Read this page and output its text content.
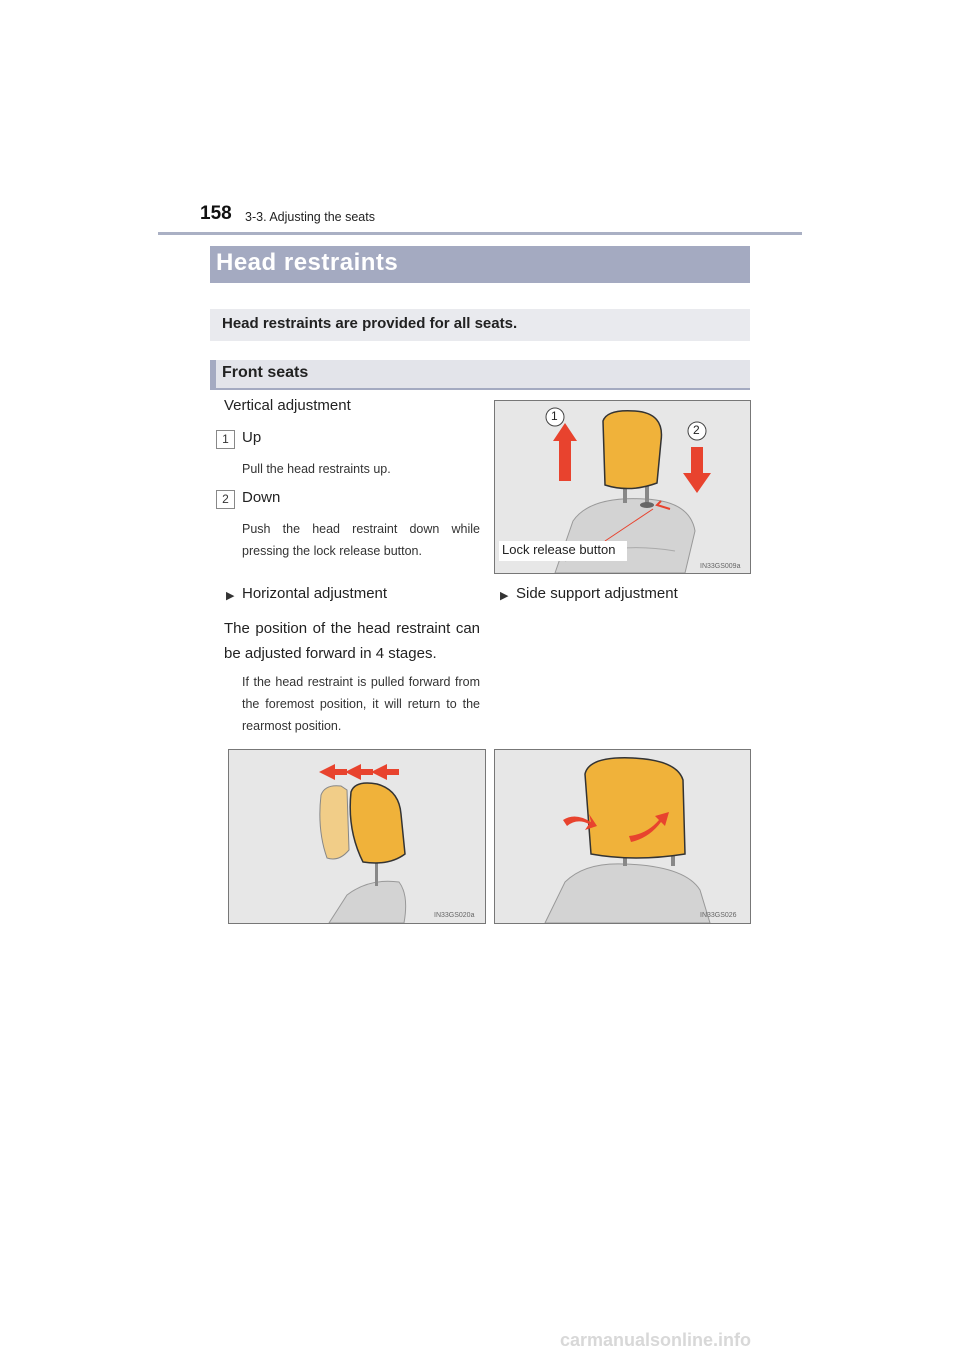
158 3-3. Adjusting the seats
Head restraints
Head restraints are provided for all seats.
Front seats
Vertical adjustment
1 Up
Pull the head restraints up.
2 Down
Push the head restraint down while pressing the lock release button.
1
2
Lock release button
IN33GS009a
▶ Horizontal adjustment
The position of the head restraint can be adjusted forward in 4 stages.
If the head restraint is pulled forward from the foremost position, it will return to the rearmost position.
▶ Side support adjustment
IN33GS020a	IN33GS026
carmanualsonline.info
